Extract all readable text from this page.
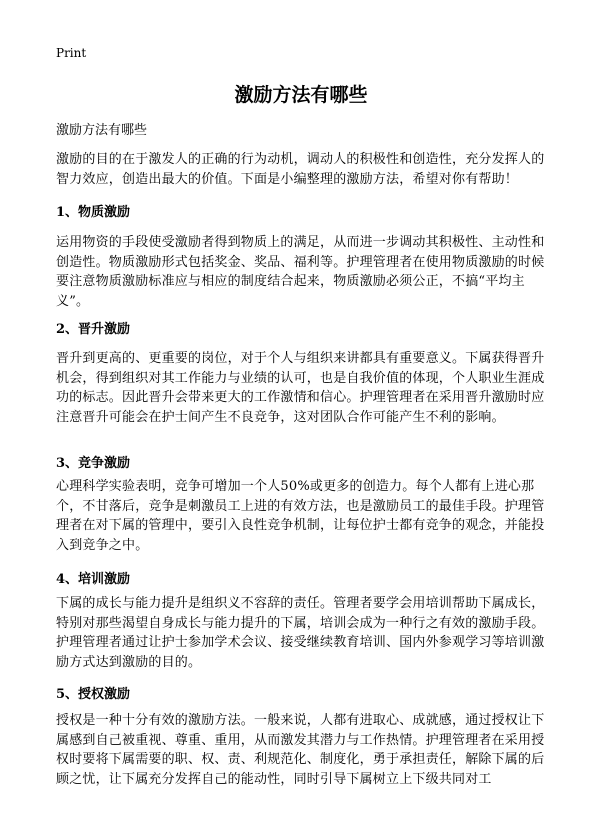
Print
激励方法有哪些
激励方法有哪些

激励的目的在于激发人的正确的行为动机，调动人的积极性和创造性，充分发挥人的智力效应，创造出最大的价值。下面是小编整理的激励方法，希望对你有帮助！

1、物质激励

运用物资的手段使受激励者得到物质上的满足，从而进一步调动其积极性、主动性和创造性。物质激励形式包括奖金、奖品、福利等。护理管理者在使用物质激励的时候要注意物质激励标准应与相应的制度结合起来，物质激励必须公正，不搞“平均主义”。

2、晋升激励

晋升到更高的、更重要的岗位，对于个人与组织来讲都具有重要意义。下属获得晋升机会，得到组织对其工作能力与业绩的认可，也是自我价值的体现，个人职业生涯成功的标志。因此晋升会带来更大的工作激情和信心。护理管理者在采用晋升激励时应注意晋升可能会在护士间产生不良竞争，这对团队合作可能产生不利的影响。

3、竞争激励

心理科学实验表明，竞争可增加一个人50%或更多的创造力。每个人都有上进心那个，不甘落后，竞争是刺激员工上进的有效方法，也是激励员工的最佳手段。护理管理者在对下属的管理中，要引入良性竞争机制，让每位护士都有竞争的观念，并能投入到竞争之中。

4、培训激励

下属的成长与能力提升是组织义不容辞的责任。管理者要学会用培训帮助下属成长，特别对那些渴望自身成长与能力提升的下属，培训会成为一种行之有效的激励手段。护理管理者通过让护士参加学术会议、接受继续教育培训、国内外参观学习等培训激励方式达到激励的目的。

5、授权激励

授权是一种十分有效的激励方法。一般来说，人都有进取心、成就感，通过授权让下属感到自己被重视、尊重、重用，从而激发其潜力与工作热情。护理管理者在采用授权时要将下属需要的职、权、责、利规范化、制度化，勇于承担责任，解除下属的后顾之忧，让下属充分发挥自己的能动性，同时引导下属树立上下级共同对工
